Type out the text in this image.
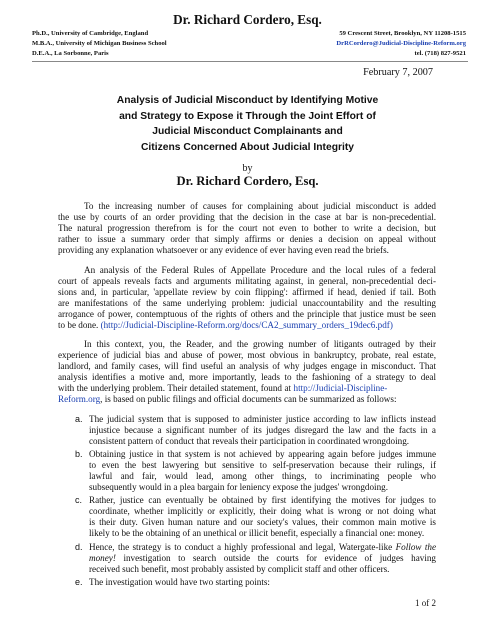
Dr. Richard Cordero, Esq.
Ph.D., University of Cambridge, England
M.B.A., University of Michigan Business School
D.E.A., La Sorbonne, Paris
59 Crescent Street, Brooklyn, NY 11208-1515
DrRCordero@Judicial-Discipline-Reform.org
tel. (718) 827-9521
February 7, 2007
Analysis of Judicial Misconduct by Identifying Motive
and Strategy to Expose it Through the Joint Effort of
Judicial Misconduct Complainants and
Citizens Concerned About Judicial Integrity
by
Dr. Richard Cordero, Esq.
To the increasing number of causes for complaining about judicial misconduct is added
the use by courts of an order providing that the decision in the case at bar is non-precedential.
The natural progression therefrom is for the court not even to bother to write a decision, but
rather to issue a summary order that simply affirms or denies a decision on appeal without
providing any explanation whatsoever or any evidence of ever having even read the briefs.
An analysis of the Federal Rules of Appellate Procedure and the local rules of a federal
court of appeals reveals facts and arguments militating against, in general, non-precedential deci-
sions and, in particular, 'appellate review by coin flipping': affirmed if head, denied if tail. Both
are manifestations of the same underlying problem: judicial unaccountability and the resulting
arrogance of power, contemptuous of the rights of others and the principle that justice must be seen
to be done. (http://Judicial-Discipline-Reform.org/docs/CA2_summary_orders_19dec6.pdf)
In this context, you, the Reader, and the growing number of litigants outraged by their
experience of judicial bias and abuse of power, most obvious in bankruptcy, probate, real estate,
landlord, and family cases, will find useful an analysis of why judges engage in misconduct. That
analysis identifies a motive and, more importantly, leads to the fashioning of a strategy to deal
with the underlying problem. Their detailed statement, found at http://Judicial-Discipline-
Reform.org, is based on public filings and official documents can be summarized as follows:
a. The judicial system that is supposed to administer justice according to law inflicts instead
injustice because a significant number of its judges disregard the law and the facts in a
consistent pattern of conduct that reveals their participation in coordinated wrongdoing.
b. Obtaining justice in that system is not achieved by appearing again before judges immune
to even the best lawyering but sensitive to self-preservation because their rulings, if
lawful and fair, would lead, among other things, to incriminating people who
subsequently would in a plea bargain for leniency expose the judges' wrongdoing.
c. Rather, justice can eventually be obtained by first identifying the motives for judges to
coordinate, whether implicitly or explicitly, their doing what is wrong or not doing what
is their duty. Given human nature and our society's values, their common main motive is
likely to be the obtaining of an unethical or illicit benefit, especially a financial one: money.
d. Hence, the strategy is to conduct a highly professional and legal, Watergate-like Follow the money! investigation to search outside the courts for evidence of judges having
received such benefit, most probably assisted by complicit staff and other officers.
e. The investigation would have two starting points:
1 of 2
